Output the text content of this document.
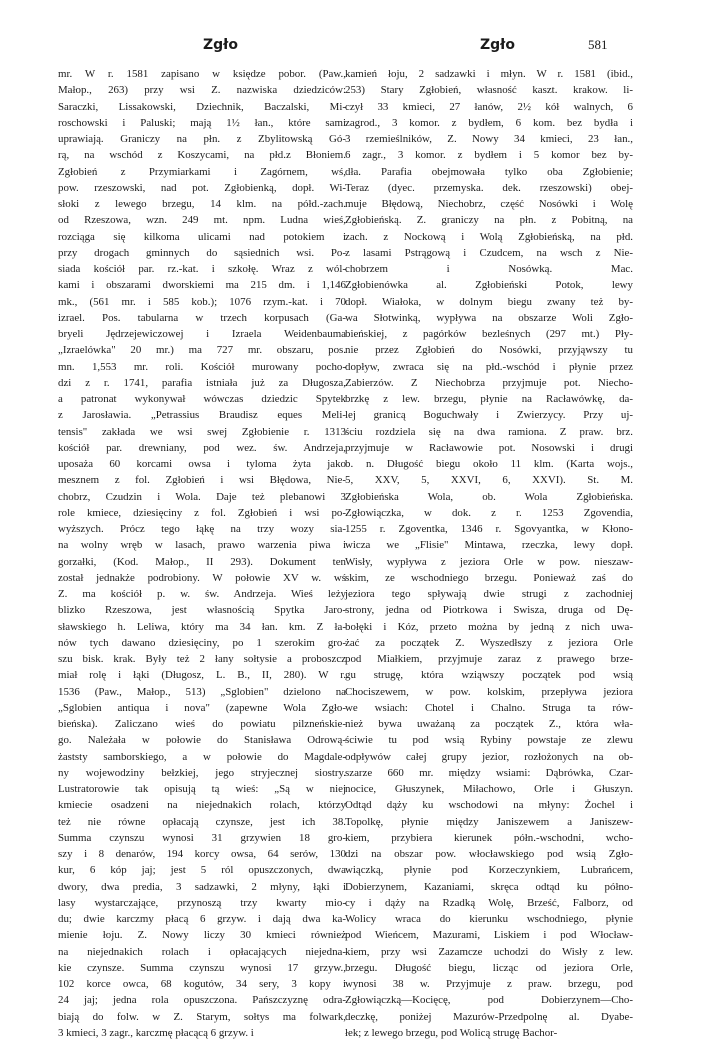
Zgło	Zgło	581
mr. W r. 1581 zapisano w księdze pobor. (Paw.,
Małop., 263) przy wsi Z. nazwiska dziedziców:
Saraczki, Lissakowski, Dziechnik, Baczalski, Mi-
roschowski i Paluski; mają 1½ łan., które sami
uprawiają. Graniczy na płn. z Zbylitowską Gó-
rą, na wschód z Koszycami, na płd.z Błoniem.
Zgłobień z Przymiarkami i Zagórnem, wś,
pow. rzeszowski, nad pot. Zgłobienką, dopł. Wi-
słoki z lewego brzegu, 14 klm. na półd.-zach.
od Rzeszowa, wzn. 249 mt. npm. Ludna wieś,
rozciąga się kilkoma ulicami nad potokiem i
przy drogach gminnych do sąsiednich wsi. Po-
siada kościół par. rz.-kat. i szkołę. Wraz z wól-
kami i obszarami dworskiemi ma 215 dm. i 1,146
mk., (561 mr. i 585 kob.); 1076 rzym.-kat. i 70
izrael. Pos. tabularna w trzech korpusach (Ga-
bryeli Jędrzejewiczowej i Izraela Weidenbauma
„Izraelówka" 20 mr.) ma 727 mr. obszaru, pos.
mn. 1,553 mr. roli. Kościół murowany pocho-
dzi z r. 1741, parafia istniała już za Długosza,
a patronat wykonywał wówczas dziedzic Spytek
z Jarosławia. „Petrassius Braudisz eques Meli-
tensis" zakłada we wsi swej Zgłobienie r. 1313
kościół par. drewniany, pod wez. św. Andrzeja,
uposaża 60 korcami owsa i tyloma żyta jako
mesznem z fol. Zgłobień i wsi Błędowa, Nie-
chobrz, Czudzin i Wola. Daje też plebanowi 3
role kmiece, dziesięciny z fol. Zgłobień i wsi po-
wyższych. Prócz tego łąkę na trzy wozy sia-
na wolny wręb w lasach, prawo warzenia piwa i
gorzałki, (Kod. Małop., II 293). Dokument ten
został jednakże podrobiony. W połowie XV w. wś
Z. ma kościół p. w. św. Andrzeja. Wieś leży
blizko Rzeszowa, jest własnością Spytka Jaro-
sławskiego h. Leliwa, który ma 34 łan. km. Z ła-
nów tych dawano dziesięciny, po 1 szerokim gro-
szu bisk. krak. Były też 2 łany sołtysie a proboszcz
miał rolę i łąki (Długosz, L. B., II, 280). W r.
1536 (Paw., Małop., 513) „Sglobien" dzielono na
„Sglobien antiqua i nova" (zapewne Wola Zgło-
bieńska). Zaliczano wieś do powiatu pilzneńskie-
go. Należała w połowie do Stanisława Odrową-
żaststy samborskiego, a w połowie do Magdale-
ny wojewodziny bełzkiej, jego stryjecznej siostry.
Lustratorowie tak opisują tą wieś: „Są w niej
kmiecie osadzeni na niejednakich rolach, którzy
też nie równe opłacają czynsze, jest ich 38.
Summa czynszu wynosi 31 grzywien 18 gro-
szy i 8 denarów, 194 korcy owsa, 64 serów, 130
kur, 6 kóp jaj; jest 5 ról opuszczonych, dwa
dwory, dwa predia, 3 sadzawki, 2 młyny, łąki i
lasy wystarczające, przynoszą trzy kwarty mio-
du; dwie karczmy płacą 6 grzyw. i dają dwa ka-
mienie łoju. Z. Nowy liczy 30 kmieci również
na niejednakich rolach i opłacających niejedna-
kie czynsze. Summa czynszu wynosi 17 grzyw.,
102 korce owca, 68 kogutów, 34 sery, 3 kopy i
24 jaj; jedna rola opuszczona. Pańszczyznę odra-
biają do folw. w Z. Starym, sołtys ma folwark,
3 kmieci, 3 zagr., karczmę płacącą 6 grzyw. i
kamień łoju, 2 sadzawki i młyn. W r. 1581 (ibid.,
253) Stary Zgłobień, własność kaszt. krakow. li-
czył 33 kmieci, 27 łanów, 2½ kół walnych, 6
zagrod., 3 komor. z bydłem, 6 kom. bez bydła i
3 rzemieślników, Z. Nowy 34 kmieci, 23 łan.,
6 zagr., 3 komor. z bydłem i 5 komor bez by-
dła. Parafia obejmowała tylko oba Zgłobienie;
Teraz (dyec. przemyska. dek. rzeszowski) obej-
muje Błędową, Niechobrz, część Nosówki i Wolę
Zgłobieńską. Z. graniczy na płn. z Pobitną, na
zach. z Nockową i Wolą Zgłobieńską, na płd.
z lasami Pstrągową i Czudcem, na wsch z Nie-
chobrzem i Nosówką. Mac.
Zgłobienówka al. Zgłobieński Potok, lewy
dopł. Wiałoka, w dolnym biegu zwany też by-
wa Słotwinką, wypływa na obszarze Woli Zgło-
bieńskiej, z pagórków bezleśnych (297 mt.) Pły-
nie przez Zgłobień do Nosówki, przyjąwszy tu
dopływ, zwraca się na płd.-wschód i płynie przez
Zabierzów. Z Niechobrza przyjmuje pot. Niecho-
brzkę z lew. brzegu, płynie na Racławówkę, da-
lej granicą Boguchwały i Zwierzycy. Przy uj-
ściu rozdziela się na dwa ramiona. Z praw. brz.
przyjmuje w Racławowie pot. Nosowski i drugi
b. n. Długość biegu około 11 klm. (Karta wojs.,
5, XXV, 5, XXVI, 6, XXVI). St. M.
Zgłobieńska Wola, ob. Wola Zgłobieńska.
Zgłowiączka, w dok. z r. 1253 Zgovendia,
1255 r. Zgoventka, 1346 r. Sgovyantka, w Kłono-
wicza we „Flisie" Mintawa, rzeczka, lewy dopł.
Wisły, wypływa z jeziora Orle w pow. nieszaw-
skim, ze wschodniego brzegu. Ponieważ zaś do
jeziora tego spływają dwie strugi z zachodniej
strony, jedna od Piotrkowa i Swisza, druga od Dę-
bołęki i Kóz, przeto można by jedną z nich uwa-
żać za początek Z. Wyszedłszy z jeziora Orle
pod Miałkiem, przyjmuje zaraz z prawego brze-
gu strugę, która wziąwszy początek pod wsią
Chociszewem, w pow. kolskim, przepływa jeziora
we wsiach: Chotel i Chalno. Struga ta rów-
nież bywa uważaną za początek Z., która wła-
ściwie tu pod wsią Rybiny powstaje ze zlewu
odpływów całej grupy jezior, rozłożonych na ob-
szarze 660 mr. między wsiami: Dąbrówka, Czar-
nocice, Głuszynek, Miłachowo, Orle i Głuszyn.
Odtąd dąży ku wschodowi na młyny: Żochel i
Topolkę, płynie między Janiszewem a Janiszew-
kiem, przybiera kierunek półn.-wschodni, wcho-
dzi na obszar pow. włocławskiego pod wsią Zgło-
wiączką, płynie pod Korzeczynkiem, Lubrańcem,
Dobierzynem, Kazaniami, skręca odtąd ku półno-
cy i dąży na Rzadką Wolę, Brześć, Falborz, od
Wolicy wraca do kierunku wschodniego, płynie
pod Wieńcem, Mazurami, Liskiem i pod Włocław-
kiem, przy wsi Zazamcze uchodzi do Wisły z lew.
brzegu. Długość biegu, licząc od jeziora Orle,
wynosi 38 w. Przyjmuje z praw. brzegu, pod
Zgłowiączką—Kocięcę, pod Dobierzynem—Cho-
deczkę, poniżej Mazurów-Przedpolnę al. Dyabe-
łek; z lewego brzegu, pod Wolicą strugę Bachor-
